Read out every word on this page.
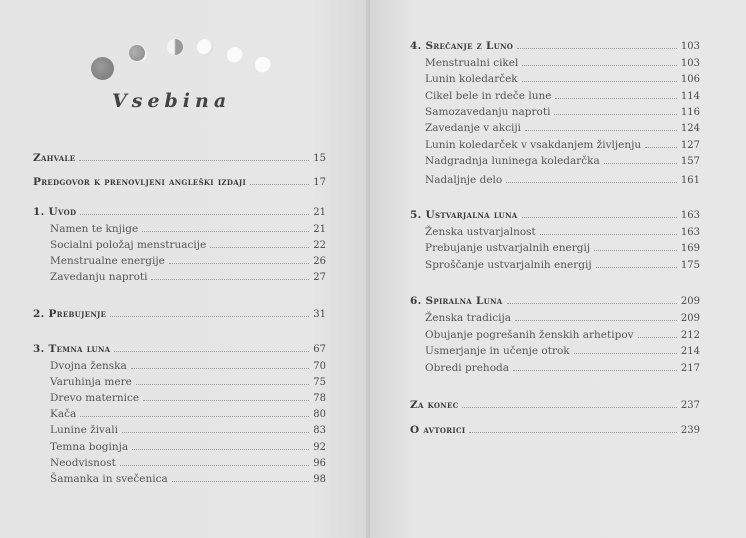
Vsebina
Zahvale	15
Predgovor k prenovljeni angleški izdaji	17
1. Uvod	21
Namen te knjige	21
Socialni položaj menstruacije	22
Menstrualne energije	26
Zavedanju naproti	27
2. Prebujenje	31
3. Temna luna	67
Dvojna ženska	70
Varuhinja mere	75
Drevo maternice	78
Kača	80
Lunine živali	83
Temna boginja	92
Neodvisnost	96
Šamanka in svečenica	98
4. Srečanje z Luno	103
Menstrualni cikel	103
Lunin koledarček	106
Cikel bele in rdeče lune	114
Samozavedanju naproti	116
Zavedanje v akciji	124
Lunin koledarček v vsakdanjem življenju	127
Nadgradnja luninega koledarčka	157
Nadaljnje delo	161
5. Ustvarjalna luna	163
Ženska ustvarjalnost	163
Prebujanje ustvarjalnih energij	169
Sproščanje ustvarjalnih energij	175
6. Spiralna Luna	209
Ženska tradicija	209
Obujanje pogrešanih ženskih arhetipov	212
Usmerjanje in učenje otrok	214
Obredi prehoda	217
Za konec	237
O avtorici	239
